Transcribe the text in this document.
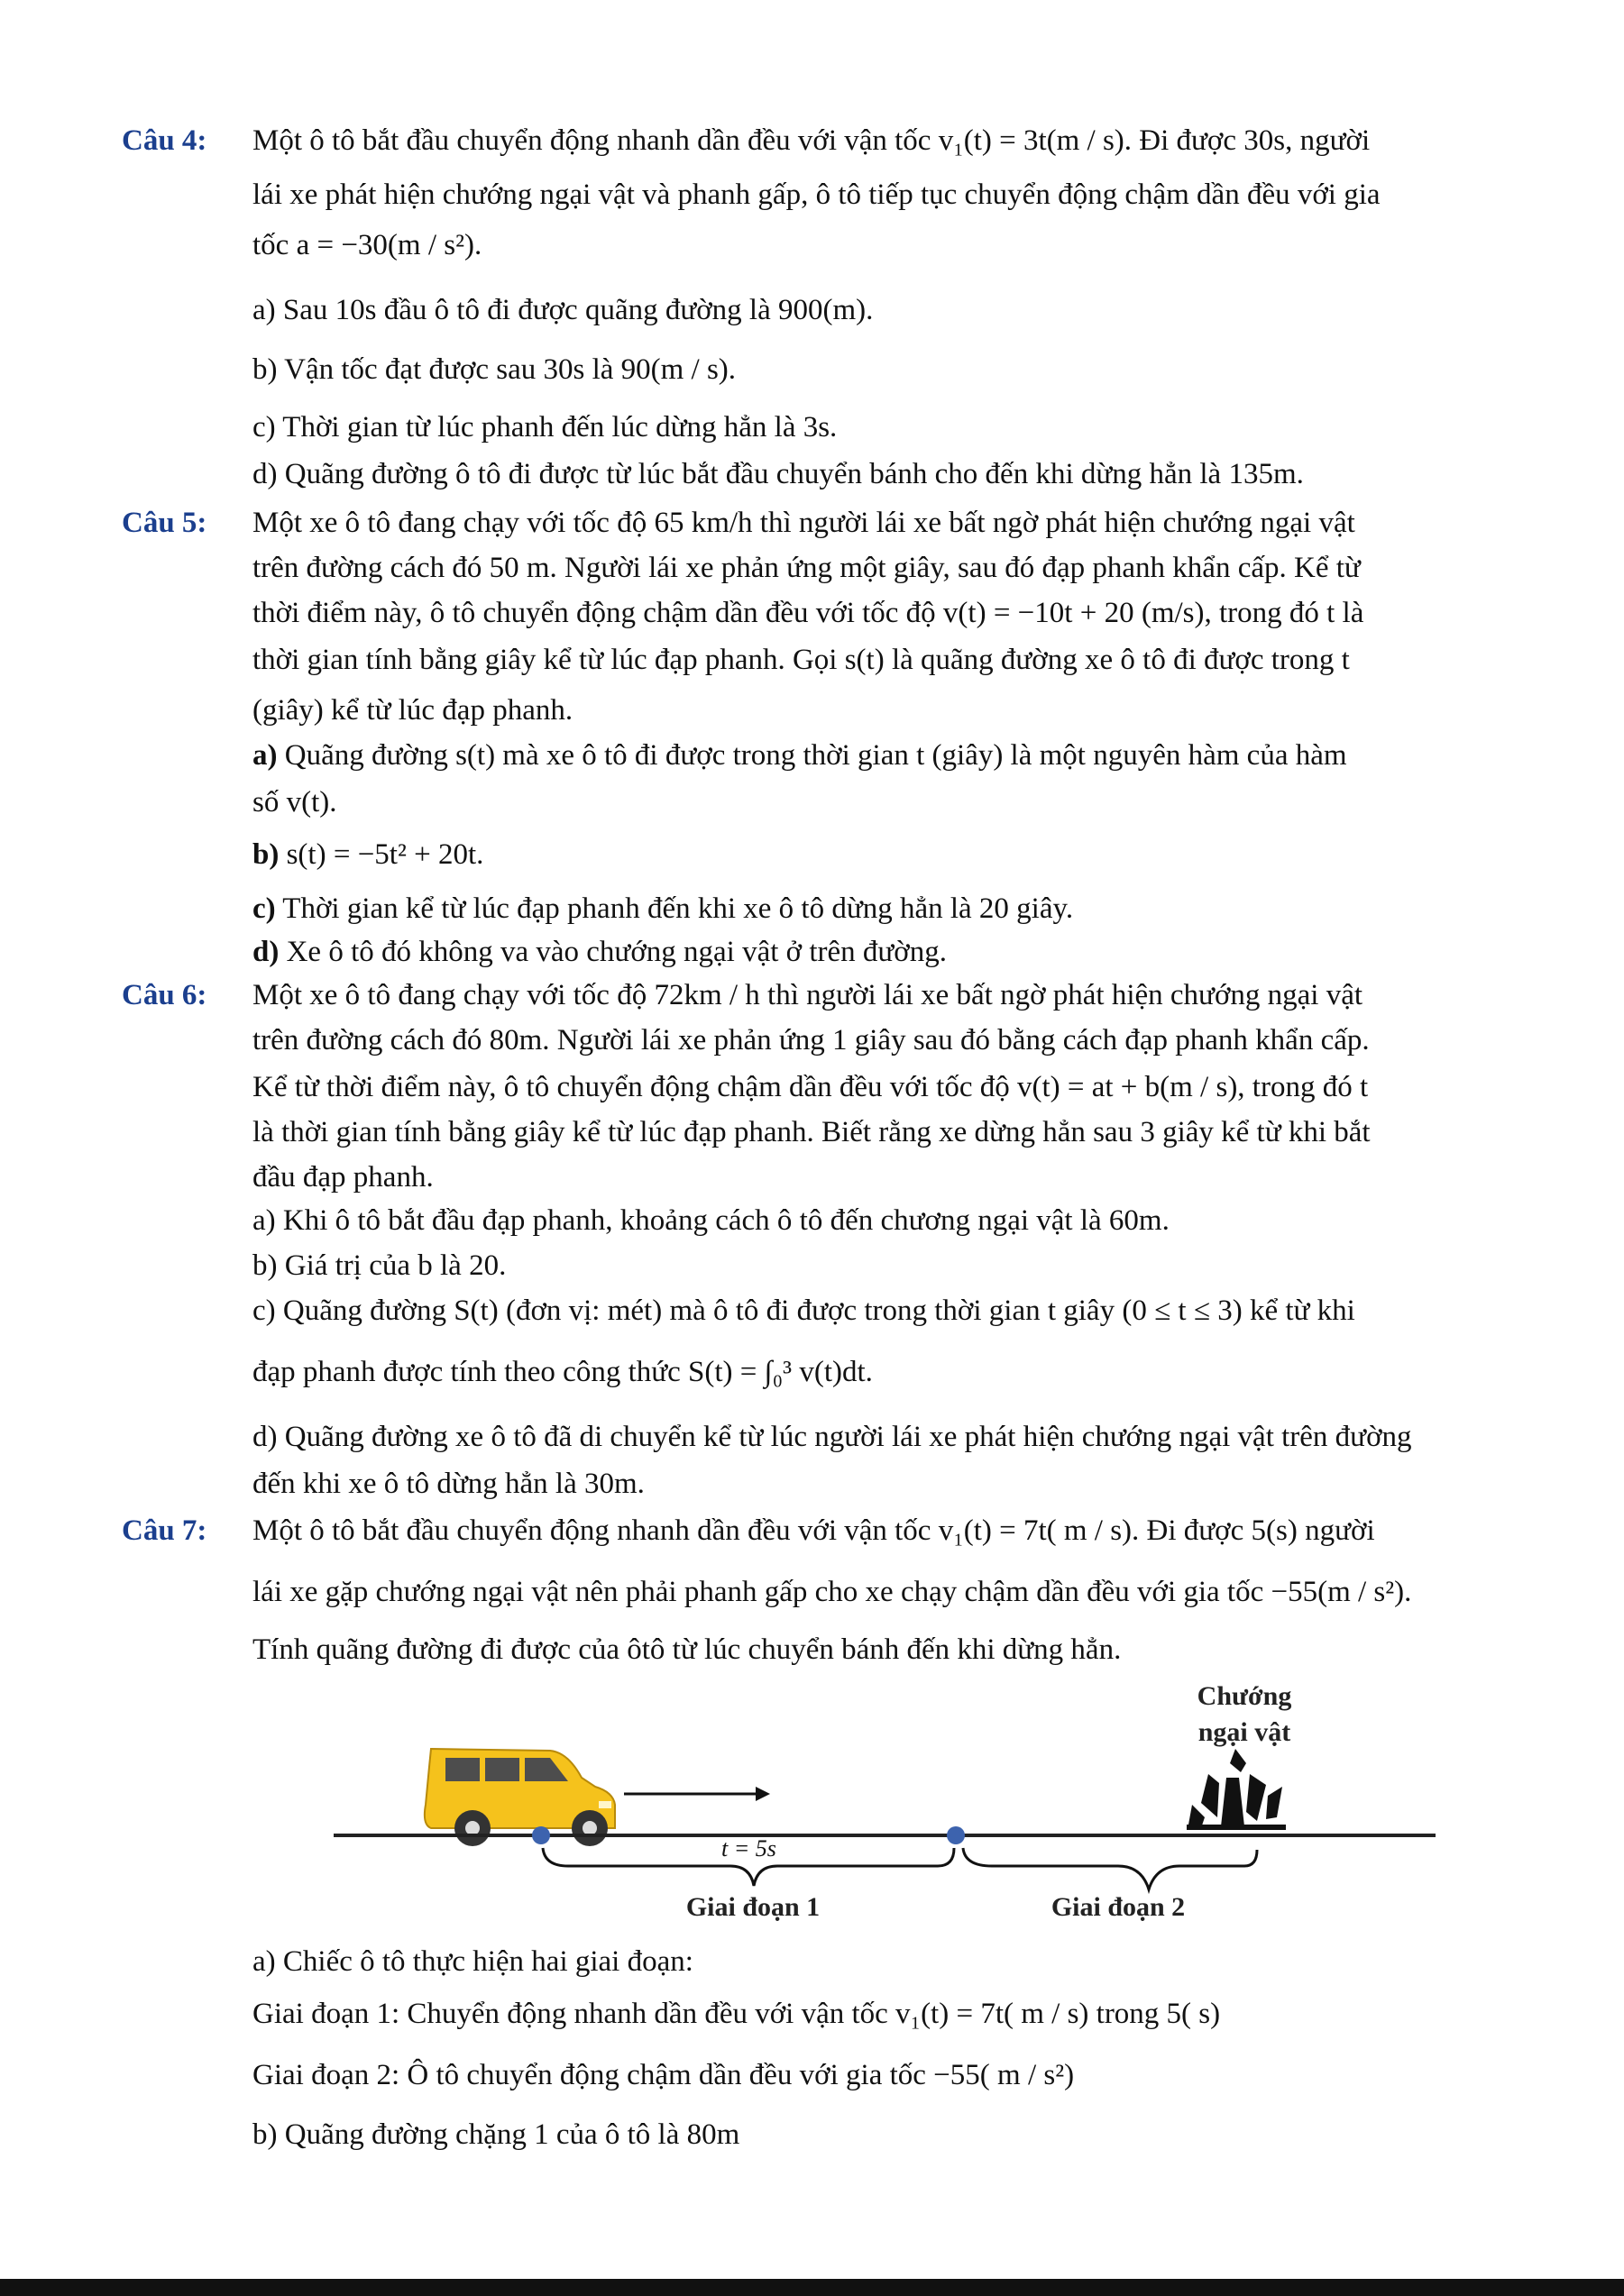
Câu 4: Một ô tô bắt đầu chuyển động nhanh dần đều với vận tốc v₁(t) = 3t(m / s). Đi được 30s, người
lái xe phát hiện chướng ngại vật và phanh gấp, ô tô tiếp tục chuyển động chậm dần đều với gia
tốc a = −30(m / s²).
a) Sau 10s đầu ô tô đi được quãng đường là 900(m).
b) Vận tốc đạt được sau 30s là 90(m / s).
c) Thời gian từ lúc phanh đến lúc dừng hẳn là 3s.
d) Quãng đường ô tô đi được từ lúc bắt đầu chuyển bánh cho đến khi dừng hẳn là 135m.
Câu 5: Một xe ô tô đang chạy với tốc độ 65 km/h thì người lái xe bất ngờ phát hiện chướng ngại vật
trên đường cách đó 50 m. Người lái xe phản ứng một giây, sau đó đạp phanh khẩn cấp. Kể từ
thời điểm này, ô tô chuyển động chậm dần đều với tốc độ v(t) = −10t + 20 (m/s), trong đó t là
thời gian tính bằng giây kể từ lúc đạp phanh. Gọi s(t) là quãng đường xe ô tô đi được trong t
(giây) kể từ lúc đạp phanh.
a) Quãng đường s(t) mà xe ô tô đi được trong thời gian t (giây) là một nguyên hàm của hàm
số v(t).
b) s(t) = −5t² + 20t.
c) Thời gian kể từ lúc đạp phanh đến khi xe ô tô dừng hẳn là 20 giây.
d) Xe ô tô đó không va vào chướng ngại vật ở trên đường.
Câu 6: Một xe ô tô đang chạy với tốc độ 72km / h thì người lái xe bất ngờ phát hiện chướng ngại vật
trên đường cách đó 80m. Người lái xe phản ứng 1 giây sau đó bằng cách đạp phanh khẩn cấp.
Kể từ thời điểm này, ô tô chuyển động chậm dần đều với tốc độ v(t) = at + b(m / s), trong đó t
là thời gian tính bằng giây kể từ lúc đạp phanh. Biết rằng xe dừng hẳn sau 3 giây kể từ khi bắt
đầu đạp phanh.
a) Khi ô tô bắt đầu đạp phanh, khoảng cách ô tô đến chương ngại vật là 60m.
b) Giá trị của b là 20.
c) Quãng đường S(t) (đơn vị: mét) mà ô tô đi được trong thời gian t giây (0 ≤ t ≤ 3) kể từ khi
đạp phanh được tính theo công thức S(t) = ∫₀³ v(t)dt.
d) Quãng đường xe ô tô đã di chuyển kể từ lúc người lái xe phát hiện chướng ngại vật trên đường
đến khi xe ô tô dừng hẳn là 30m.
Câu 7: Một ô tô bắt đầu chuyển động nhanh dần đều với vận tốc v₁(t) = 7t( m / s). Đi được 5(s) người
lái xe gặp chướng ngại vật nên phải phanh gấp cho xe chạy chậm dần đều với gia tốc −55(m / s²).
Tính quãng đường đi được của ôtô từ lúc chuyển bánh đến khi dừng hẳn.
Chướng
ngại vật
t = 5s
Giai đoạn 1	Giai đoạn 2
a) Chiếc ô tô thực hiện hai giai đoạn:
Giai đoạn 1: Chuyển động nhanh dần đều với vận tốc v₁(t) = 7t( m / s) trong 5( s)
Giai đoạn 2: Ô tô chuyển động chậm dần đều với gia tốc −55( m / s²)
b) Quãng đường chặng 1 của ô tô là 80m
